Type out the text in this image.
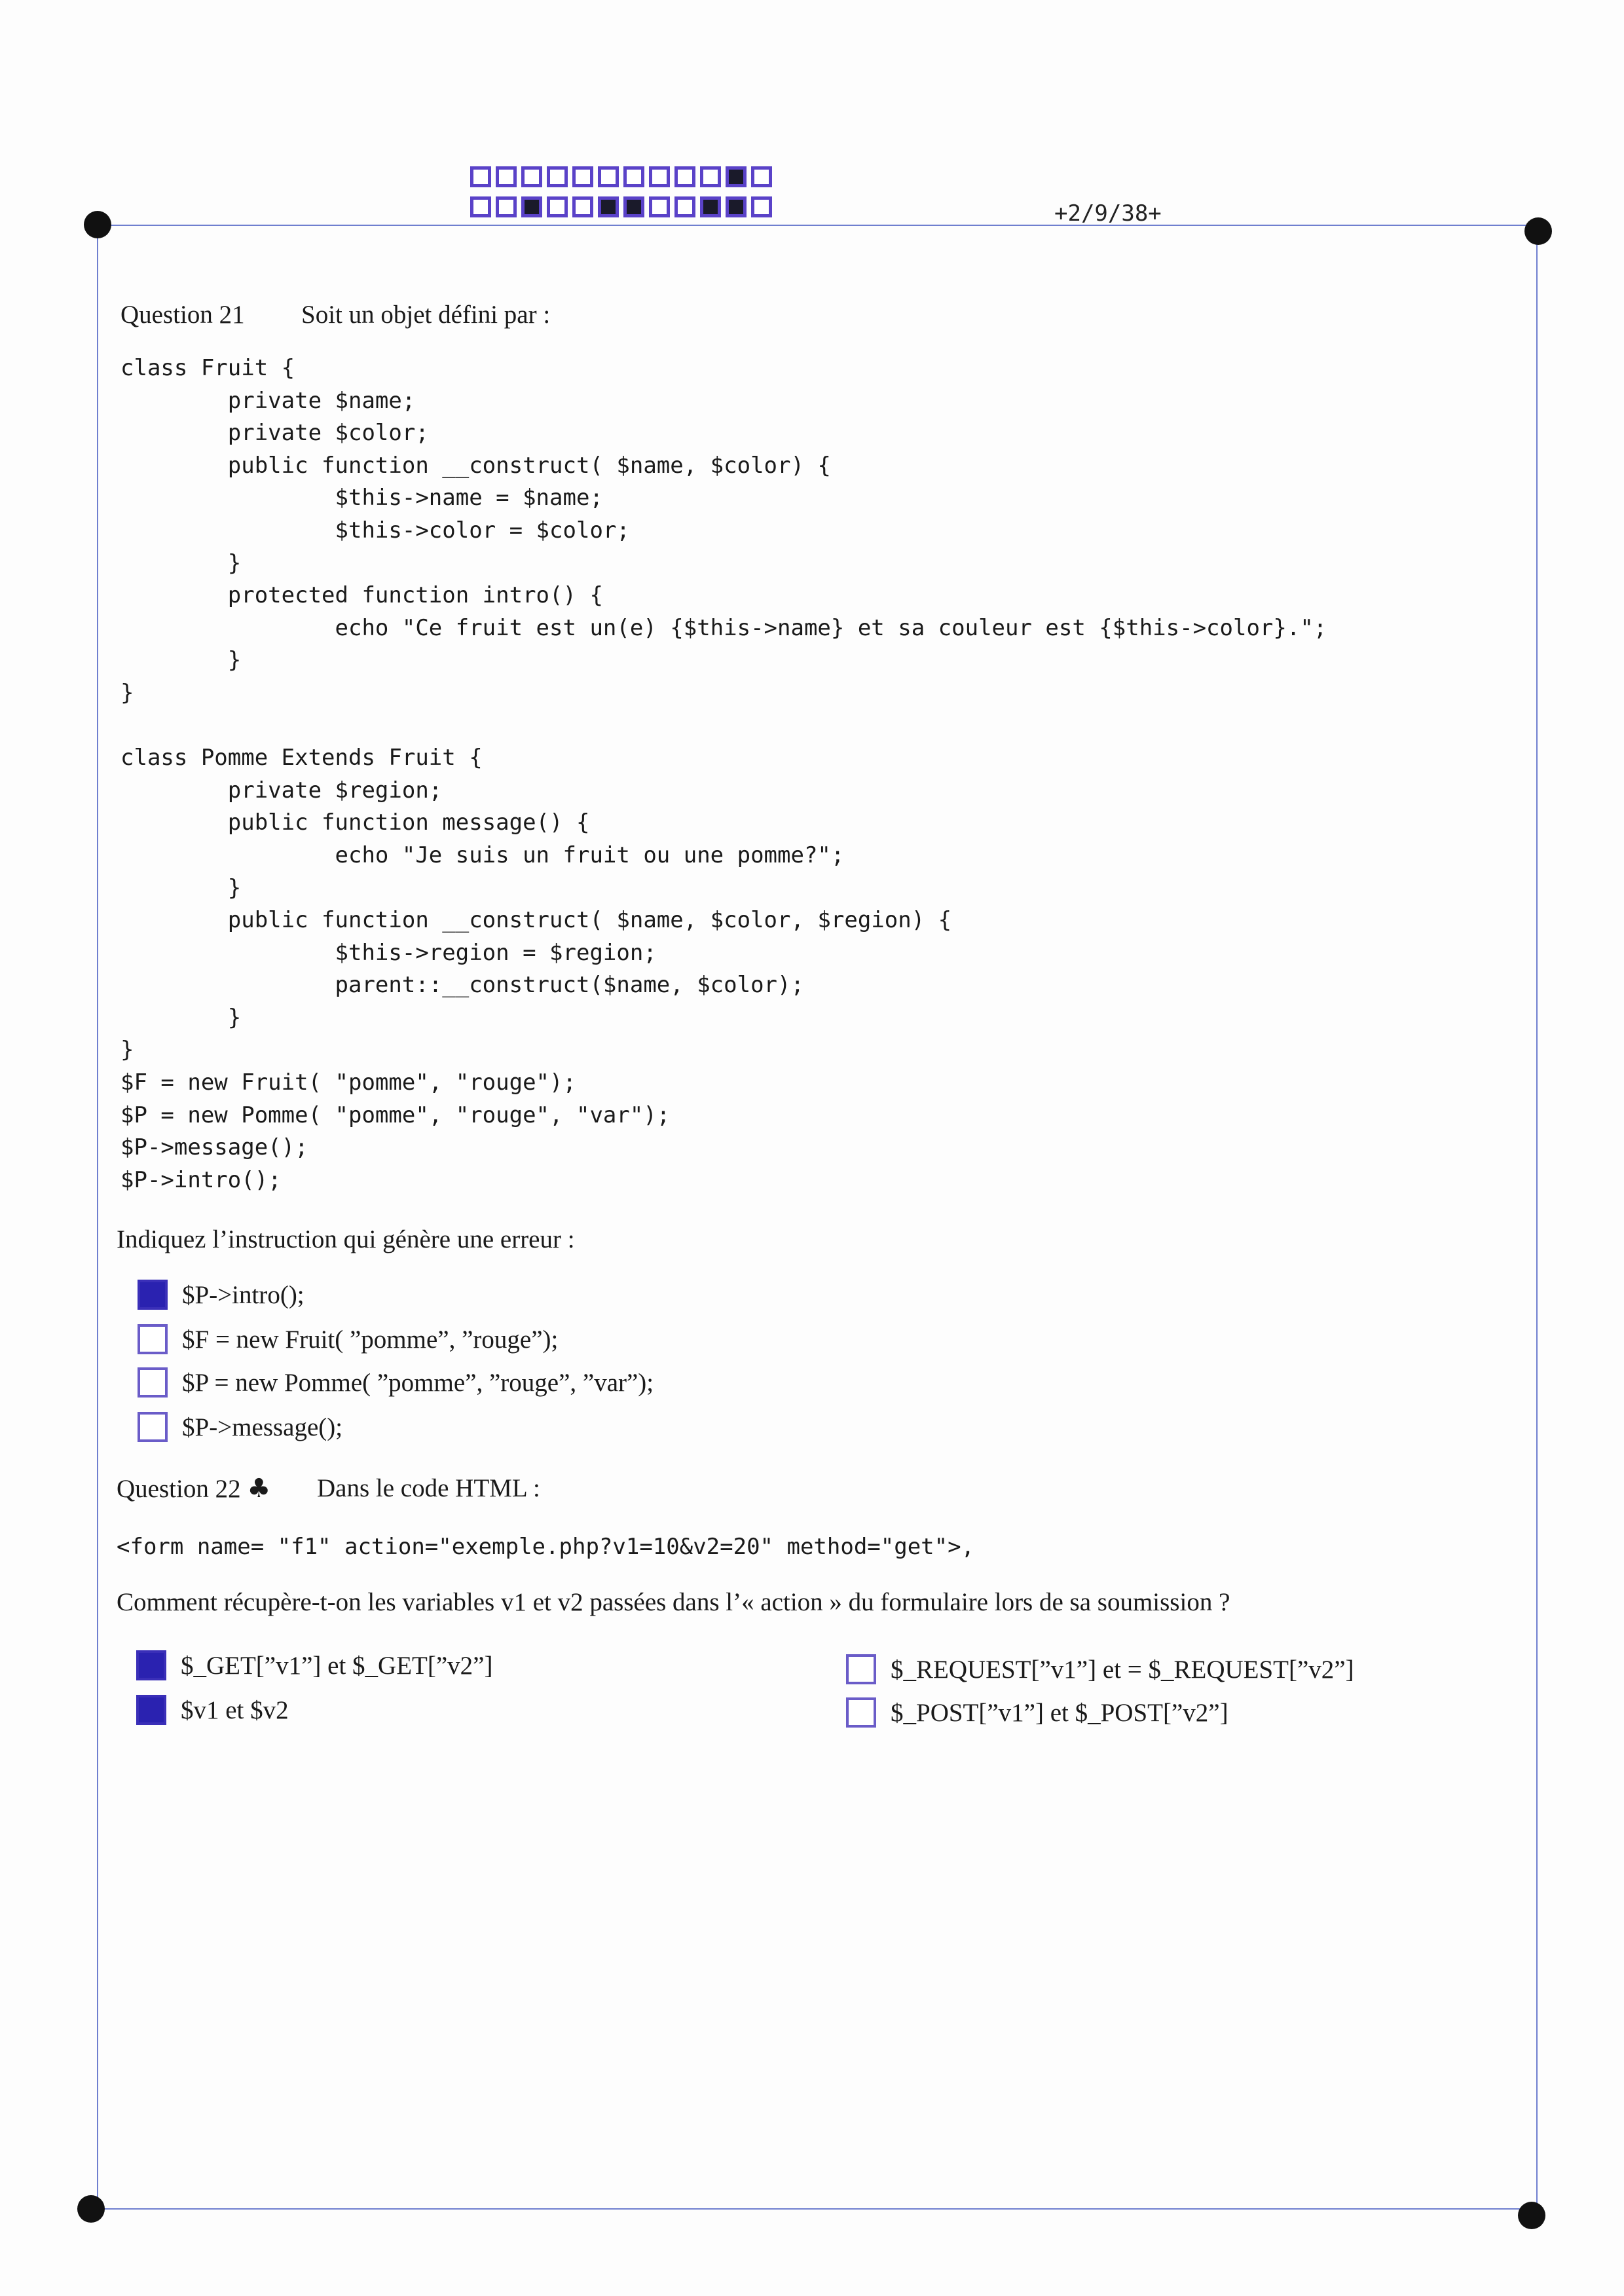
+2/9/38+
Question 21 Soit un objet défini par :
class Fruit {
private $name;
private $color;
public function __construct( $name, $color) {
$this->name = $name;
$this->color = $color;
}
protected function intro() {
echo "Ce fruit est un(e) {$this->name} et sa couleur est {$this->color}.";
}
}

class Pomme Extends Fruit {
private $region;
public function message() {
echo "Je suis un fruit ou une pomme?";
}
public function __construct( $name, $color, $region) {
$this->region = $region;
parent::__construct($name, $color);
}
}
$F = new Fruit( "pomme", "rouge");
$P = new Pomme( "pomme", "rouge", "var");
$P->message();
$P->intro();
Indiquez l’instruction qui génère une erreur :
$P->intro();
$F = new Fruit( ”pomme”, ”rouge”);
$P = new Pomme( ”pomme”, ”rouge”, ”var”);
$P->message();
Question 22 ♣ Dans le code HTML :
<form name= "f1" action="exemple.php?v1=10&v2=20" method="get">,
Comment récupère-t-on les variables v1 et v2 passées dans l’« action » du formulaire lors de sa soumission ?
$_GET[”v1”] et $_GET[”v2”]
$v1 et $v2
$_REQUEST[”v1”] et = $_REQUEST[”v2”]
$_POST[”v1”] et $_POST[”v2”]
